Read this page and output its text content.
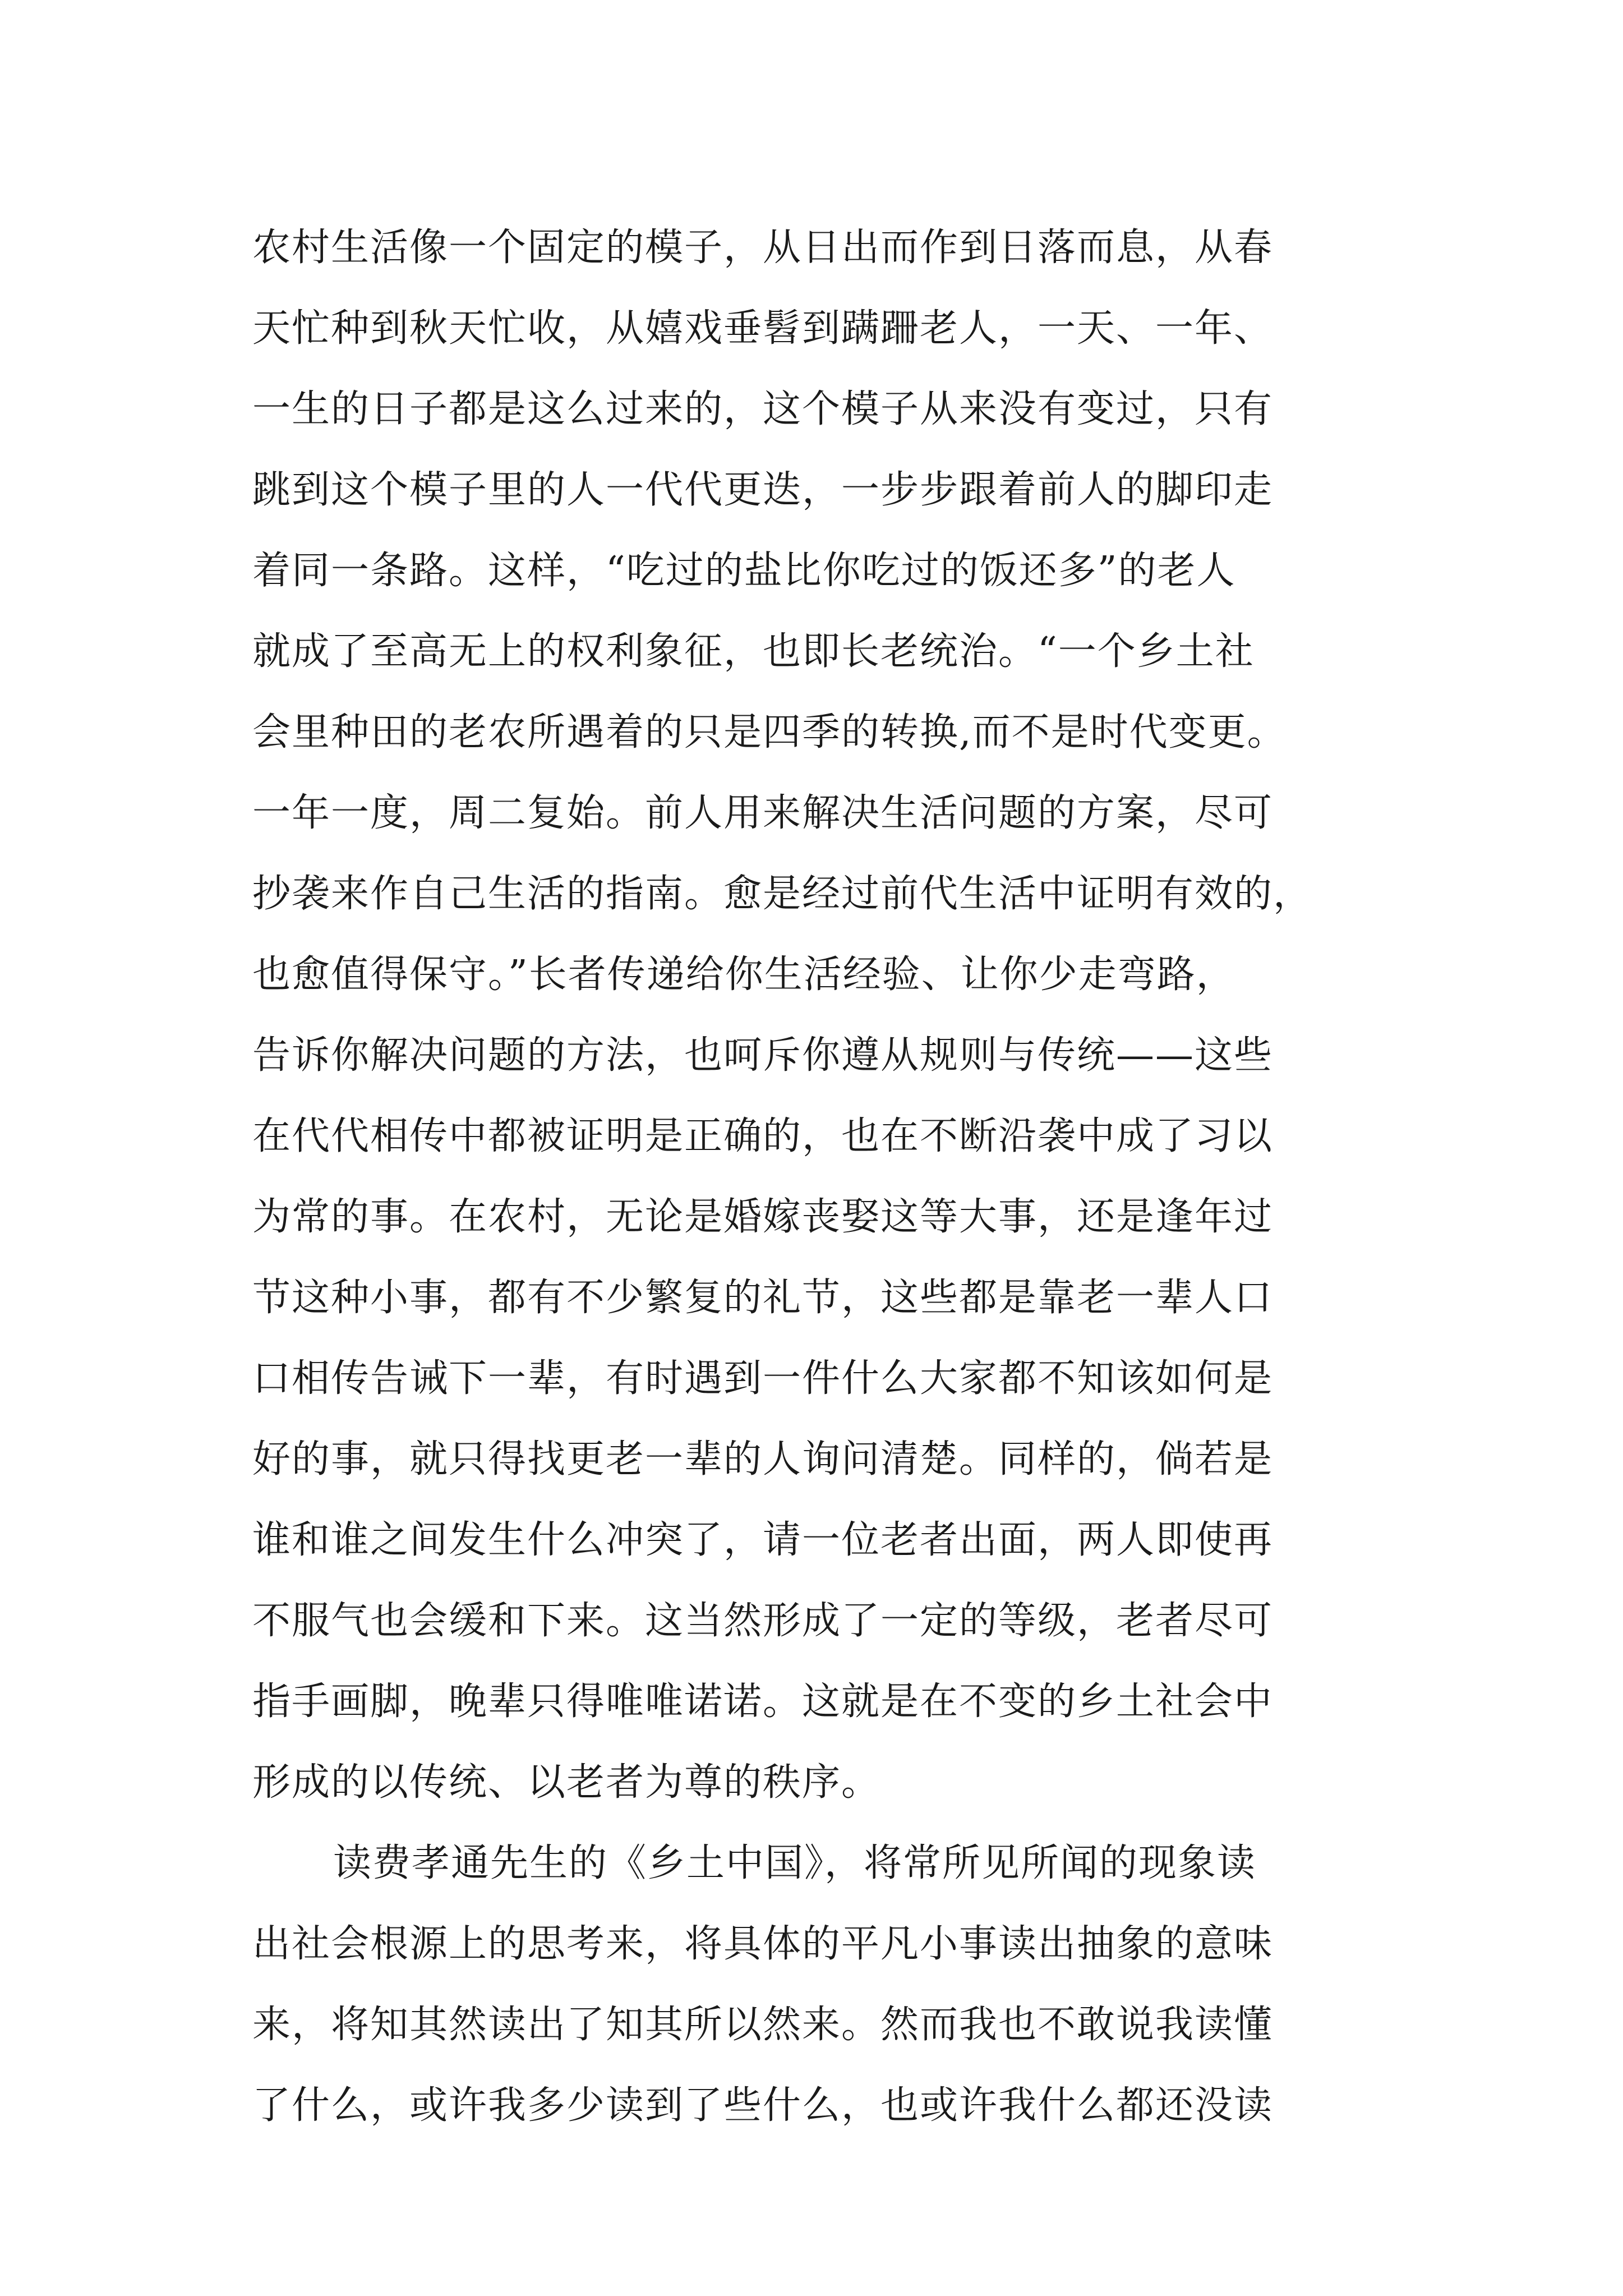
农村生活像一个固定的模子，从日出而作到日落而息，从春
天忙种到秋天忙收，从嬉戏垂髫到蹒跚老人，一天、一年、
一生的日子都是这么过来的，这个模子从来没有变过，只有
跳到这个模子里的人一代代更迭，一步步跟着前人的脚印走
着同一条路。这样，“吃过的盐比你吃过的饭还多”的老人
就成了至高无上的权利象征，也即长老统治。“一个乡土社
会里种田的老农所遇着的只是四季的转换,而不是时代变更。
一年一度，周二复始。前人用来解决生活问题的方案，尽可
抄袭来作自己生活的指南。愈是经过前代生活中证明有效的，
也愈值得保守。”长者传递给你生活经验、让你少走弯路，
告诉你解决问题的方法，也呵斥你遵从规则与传统——这些
在代代相传中都被证明是正确的，也在不断沿袭中成了习以
为常的事。在农村，无论是婚嫁丧娶这等大事，还是逢年过
节这种小事，都有不少繁复的礼节，这些都是靠老一辈人口
口相传告诫下一辈，有时遇到一件什么大家都不知该如何是
好的事，就只得找更老一辈的人询问清楚。同样的，倘若是
谁和谁之间发生什么冲突了，请一位老者出面，两人即使再
不服气也会缓和下来。这当然形成了一定的等级，老者尽可
指手画脚，晚辈只得唯唯诺诺。这就是在不变的乡土社会中
形成的以传统、以老者为尊的秩序。
读费孝通先生的《乡土中国》，将常所见所闻的现象读
出社会根源上的思考来，将具体的平凡小事读出抽象的意味
来，将知其然读出了知其所以然来。然而我也不敢说我读懂
了什么，或许我多少读到了些什么，也或许我什么都还没读
